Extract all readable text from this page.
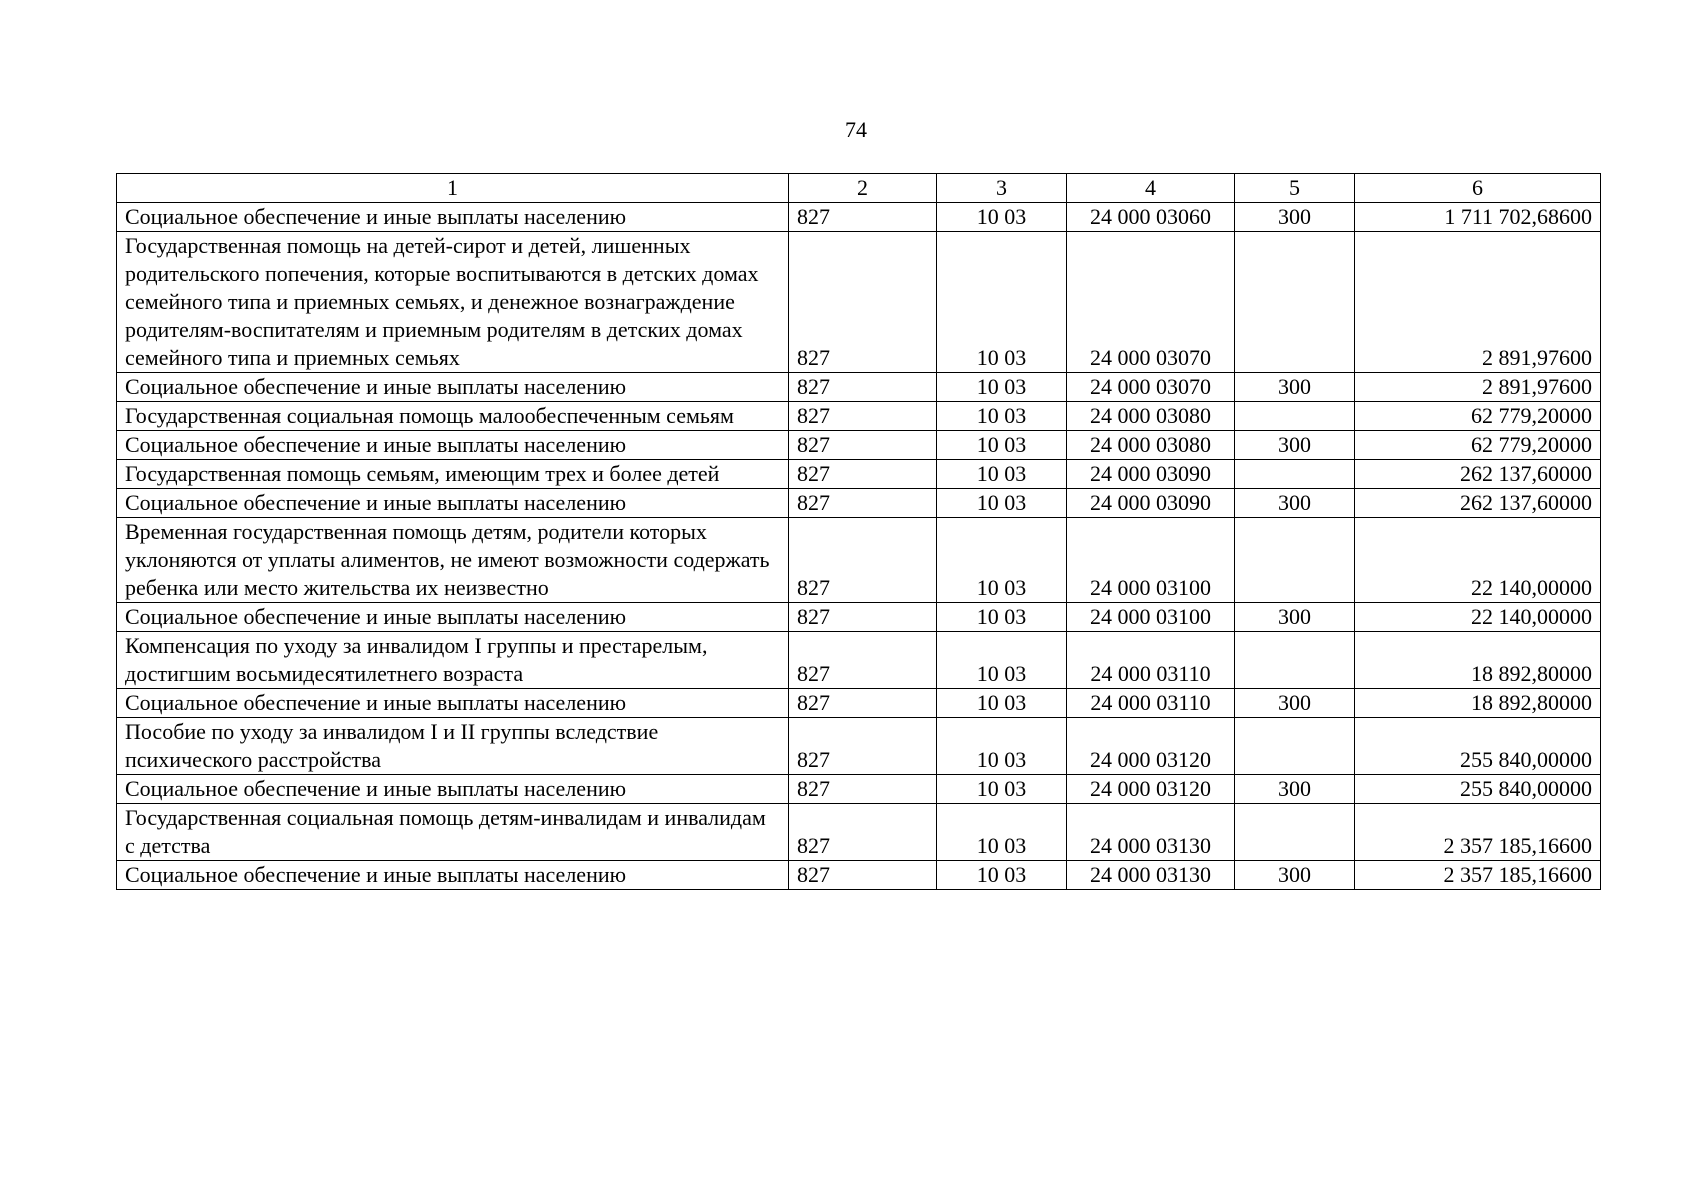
74
1	2	3	4	5	6
Социальное обеспечение и иные выплаты населению	827	10 03	24 000 03060	300	1 711 702,68600
Государственная помощь на детей-сирот и детей, лишенных родительского попечения, которые воспитываются в детских домах семейного типа и приемных семьях, и денежное вознаграждение родителям-воспитателям и приемным родителям в детских домах семейного типа и приемных семьях	827	10 03	24 000 03070		2 891,97600
Социальное обеспечение и иные выплаты населению	827	10 03	24 000 03070	300	2 891,97600
Государственная социальная помощь малообеспеченным семьям	827	10 03	24 000 03080		62 779,20000
Социальное обеспечение и иные выплаты населению	827	10 03	24 000 03080	300	62 779,20000
Государственная помощь семьям, имеющим трех и более детей	827	10 03	24 000 03090		262 137,60000
Социальное обеспечение и иные выплаты населению	827	10 03	24 000 03090	300	262 137,60000
Временная государственная помощь детям, родители которых уклоняются от уплаты алиментов, не имеют возможности содержать ребенка или место жительства их неизвестно	827	10 03	24 000 03100		22 140,00000
Социальное обеспечение и иные выплаты населению	827	10 03	24 000 03100	300	22 140,00000
Компенсация по уходу за инвалидом I группы и престарелым, достигшим восьмидесятилетнего возраста	827	10 03	24 000 03110		18 892,80000
Социальное обеспечение и иные выплаты населению	827	10 03	24 000 03110	300	18 892,80000
Пособие по уходу за инвалидом I и II группы вследствие психического расстройства	827	10 03	24 000 03120		255 840,00000
Социальное обеспечение и иные выплаты населению	827	10 03	24 000 03120	300	255 840,00000
Государственная социальная помощь детям-инвалидам и инвалидам с детства	827	10 03	24 000 03130		2 357 185,16600
Социальное обеспечение и иные выплаты населению	827	10 03	24 000 03130	300	2 357 185,16600
